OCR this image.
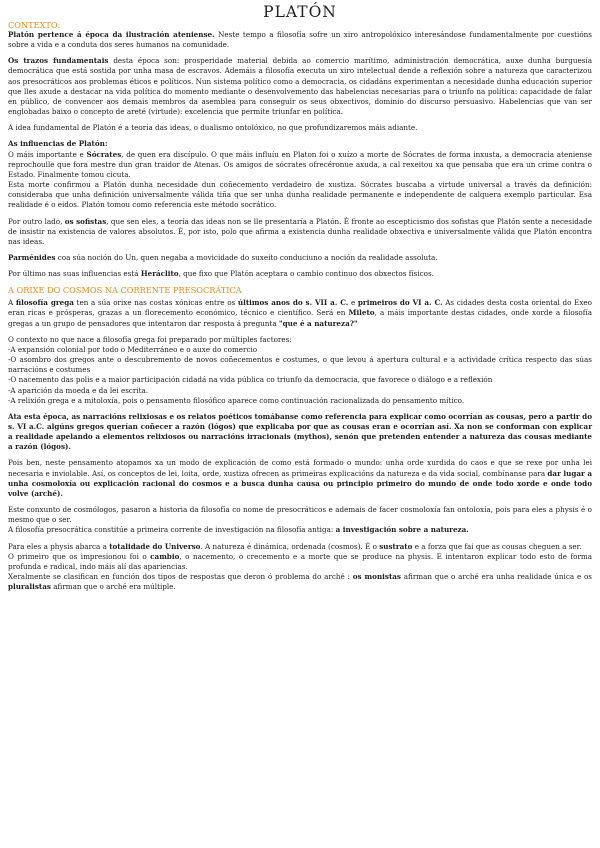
PLATÓN
CONTEXTO:

Platón pertence á época da ilustración ateniense. Neste tempo a filosofía sofre un xiro antropolóxico interesándose fundamentalmente por cuestións sobre a vida e a conduta dos seres humanos na comunidade.

Os trazos fundamentais desta época son: prosperidade material debida ao comercio marítimo, administración democrática, auxe dunha burguesía democrática que está sostida por unha masa de escravos. Ademáis a filosofía executa un xiro intelectual dende a reflexión sobre a natureza que caracterizou aos presocráticos aos problemas éticos e políticos. Nun sistema político como a democracia, os cidadáns experimentan a necesidade dunha educación superior que lles axude a destacar na vida política do momento mediante o desenvolvemento das habelencias necesarias para o triunfo na política: capacidade de falar en público, de convencer aos demais membros da asemblea para conseguir os seus obxectivos, dominio do discurso persuasivo. Habelencias que van ser englobadas baixo o concepto de areté (virtude): excelencia que permite triunfar en política.

A idea fundamental de Platón é a teoría das ideas, o dualismo ontolóxico, no que profundizaremos máis adiante.

As influencias de Platón:

O máis importante e Sócrates, de quen era discípulo. O que máis influíu en Platon foi o xuízo a morte de Sócrates de forma inxusta, a democracia ateniense reprochoulle que fora mestre dun gran traidor de Atenas. Os amigos de sócrates ofrecéronue axuda, a cal rexeitou xa que pensaba que era un crime contra o Estado. Finalmente tomou cicuta.

Esta morte confirmou a Platón dunha necesidade dun coñecemento verdadeiro de xustiza. Sócrates buscaba a virtude universal a través da definición: consideraba que unha definición universalmente válida tiña que ser unha dunha realidade permanente e independente de calquera exemplo particular. Esa realidade é o eidos. Platón tomou como referencia este método socrático.

Por outro lado, os sofistas, que sen eles, a teoría das ideas non se lle presentaría a Platón. É fronte ao escepticismo dos sofistas que Platón sente a necesidade de insistir na existencia de valores absolutos. É, por isto, polo que afirma a existencia dunha realidade obxectiva e universalmente válida que Platón encontra nas ideas.

Parménides coa súa noción do Un, quen negaba a movicidade do suxeito conduciuno a noción da realidade assoluta.

Por último nas suas influencias está Heráclito, que fixo que Platón aceptara o cambio continuo dos obxectos físicos.

A ORIXE DO COSMOS NA CORRENTE PRESOCRÁTICA

A filosofía grega ten a súa orixe nas costas xónicas entre os últimos anos do s. VII a. C. e primeiros do VI a. C. As cidades desta costa oriental do Exeo eran ricas e prósperas, grazas a un florecemento económico, técnico e científico. Será en Mileto, a máis importante destas cidades, onde xorde a filosofía gregas a un grupo de pensadores que intentaron dar resposta á pregunta "que é a natureza?"

O contexto no que nace a filosofía grega foi preparado por múltiples factores:

-A expansión colonial por todo o Mediterráneo e o auxe do comercio

-O asombro dos gregos ante o descubremento de novos coñecementos e costumes, o que levou á apertura cultural e a actividade crítica respecto das súas narracións e costumes

-O nacemento das polis e a maior participación cidadá na vida pública co triunfo da democracia, que favorece o diálogo e a reflexión

-A aparición da moeda e da lei escrita.

-A relixión grega e a mitoloxía, pois o pensamento filosófico aparece como continuación racionalizada do pensamento mítico.

Ata esta época, as narracións relixiosas e os relatos poéticos tomábanse como referencia para explicar como ocorrían as cousas, pero a partir do s. VI a.C. algúns gregos querían coñecer a razón (lógos) que explicaba por que as cousas eran e ocorrían así. Xa non se conforman con explicar a realidade apelando a elementos relixiosos ou narracións irracionais (mythos), senón que pretenden entender a natureza das cousas mediante a razón (lógos).

Pois ben, neste pensamento atopamos xa un modo de explicación de como está formado o mundo: unha orde xurdida do caos e que se rexe por unha lei necesaria e inviolable. Así, os conceptos de lei, loita, orde, xustiza ofrecen as primeiras explicacións da natureza e da vida social, combínanse para dar lugar a unha cosmoloxía ou explicación racional do cosmos e a busca dunha causa ou principio primeiro do mundo de onde todo xorde e onde todo volve (arché).

Este conxunto de cosmólogos, pasaron a historia da filosofía co nome de presocráticos e ademais de facer cosmoloxía fan ontoloxía, pois para eles a physis é o mesmo que o ser.

A filosofía presocrática constitúe a primeira corrente de investigación na filosofía antiga: a investigación sobre a natureza.

Para eles a physis abarca a totalidade do Universo. A natureza é dinámica, ordenada (cosmos). É o sustrato e a forza que fai que as cousas cheguen a ser.

O primeiro que os impresionou foi o cambio, o nacemento, o crecemento e a morte que se produce na physis. E intentaron explicar todo esto de forma profunda e radical, indo máis alí das apariencias.

Xeralmente se clasifican en función dos tipos de respostas que deron ó problema do arché : os monistas afirman que o arché era unha realidade única e os pluralistas afirman que o arché era múltiple.
